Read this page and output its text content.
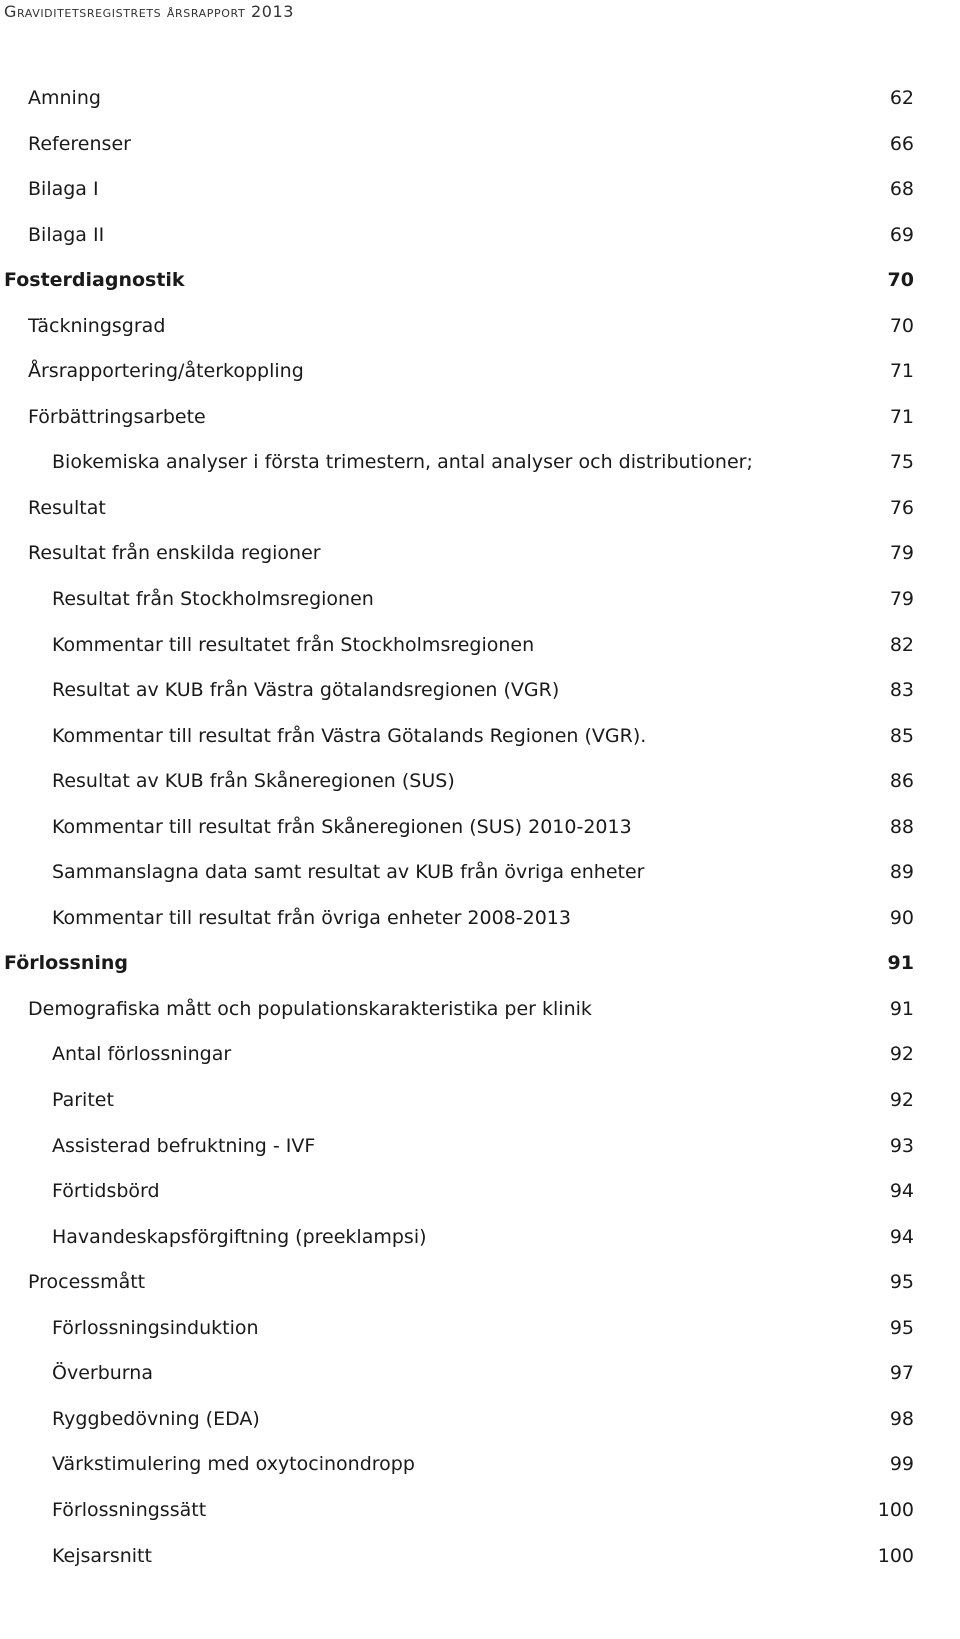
Graviditetsregistrets årsrapport 2013
Amning	62
Referenser	66
Bilaga I	68
Bilaga II	69
Fosterdiagnostik	70
Täckningsgrad	70
Årsrapportering/återkoppling	71
Förbättringsarbete	71
Biokemiska analyser i första trimestern, antal analyser och distributioner;	75
Resultat	76
Resultat från enskilda regioner	79
Resultat från Stockholmsregionen	79
Kommentar till resultatet från Stockholmsregionen	82
Resultat av KUB från Västra götalandsregionen (VGR)	83
Kommentar till resultat från Västra Götalands Regionen (VGR).	85
Resultat av KUB från Skåneregionen (SUS)	86
Kommentar till resultat från Skåneregionen (SUS) 2010-2013	88
Sammanslagna data samt resultat av KUB från övriga enheter	89
Kommentar till resultat från övriga enheter 2008-2013	90
Förlossning	91
Demografiska mått och populationskarakteristika per klinik	91
Antal förlossningar	92
Paritet	92
Assisterad befruktning - IVF	93
Förtidsbörd	94
Havandeskapsförgiftning (preeklampsi)	94
Processmått	95
Förlossningsinduktion	95
Överburna	97
Ryggbedövning (EDA)	98
Värkstimulering med oxytocinondropp	99
Förlossningssätt	100
Kejsarsnitt	100
